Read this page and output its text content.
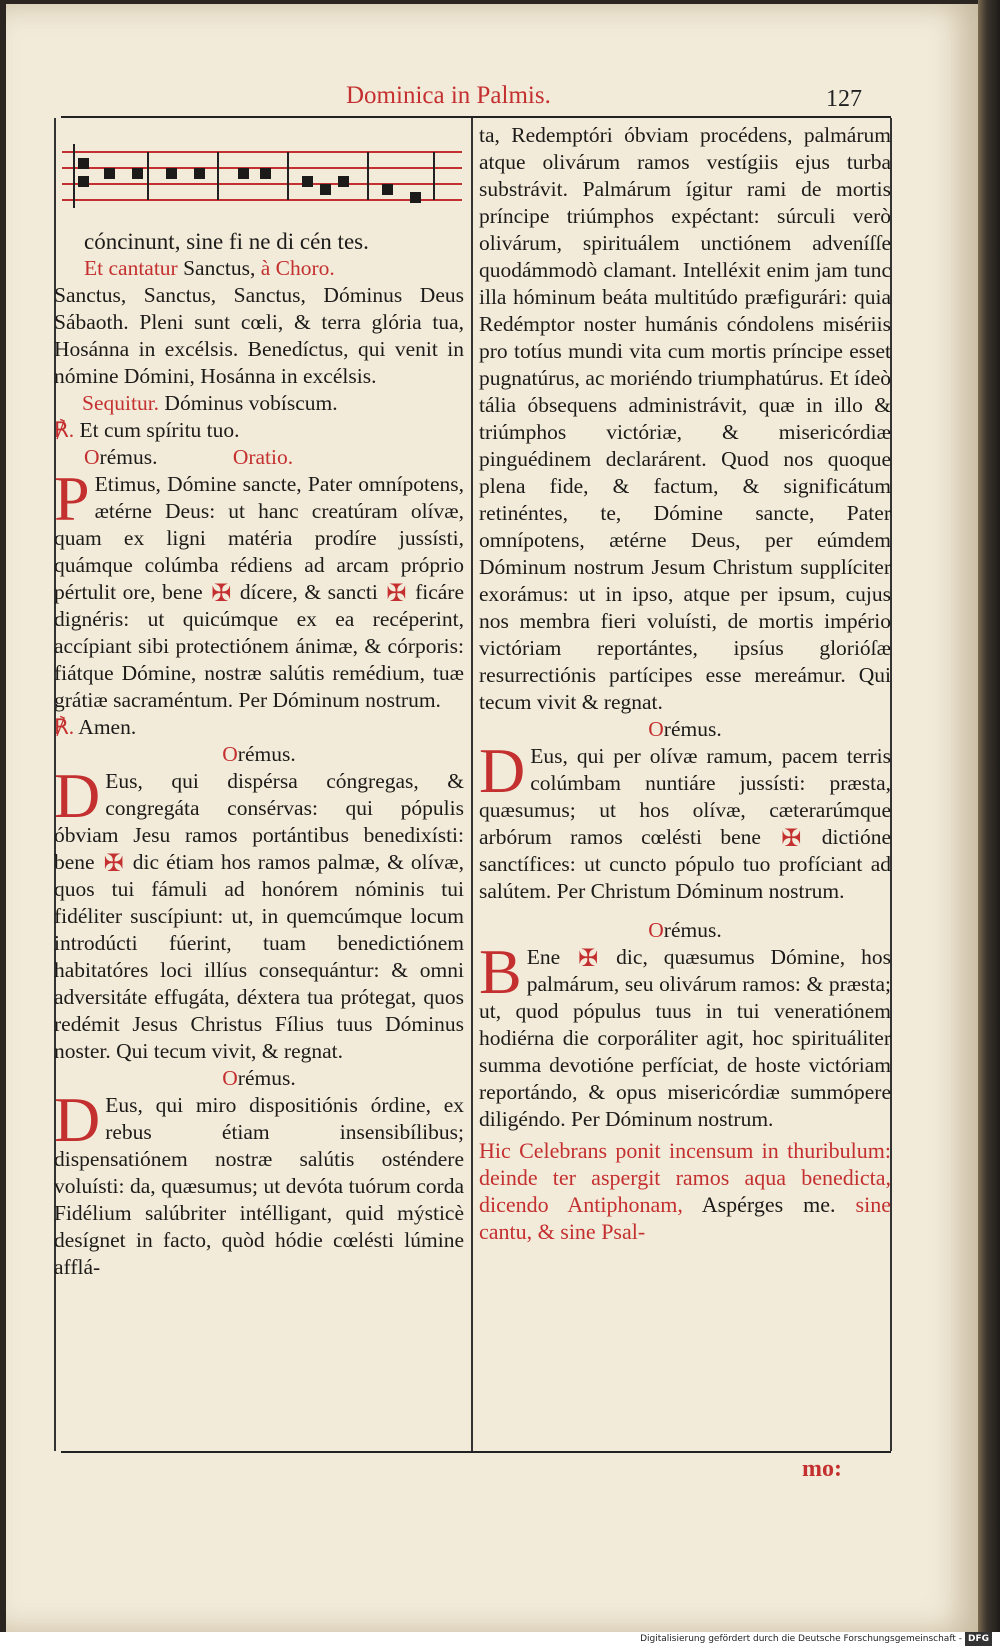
Dominica in Palmis.	127

cóncinunt, sine fi ne di cén tes.

Et cantatur Sanctus, à Choro.

Sanctus, Sanctus, Sanctus, Dóminus Deus Sábaoth. Pleni sunt cœli, & terra glória tua, Hosánna in excélsis. Benedíctus, qui venit in nómine Dómini, Hosánna in excélsis.

Sequitur. Dóminus vobíscum.

℟. Et cum spíritu tuo.

Orémus.	Oratio.

P Etimus, Dómine sancte, Pater omnípotens, ætérne Deus: ut hanc creatúram olívæ, quam ex ligni matéria prodíre jussísti, quámque colúmba rédiens ad arcam próprio pértulit ore, bene ✠ dícere, & sancti ✠ ficáre dignéris: ut quicúmque ex ea recéperint, accípiant sibi protectiónem ánimæ, & córporis: fiátque Dómine, nostræ salútis remédium, tuæ grátiæ sacraméntum. Per Dóminum nostrum.

℟. Amen.

Orémus.

D Eus, qui dispérsa cóngregas, & congregáta consérvas: qui pópulis óbviam Jesu ramos portántibus benedixísti: bene ✠ dic étiam hos ramos palmæ, & olívæ, quos tui fámuli ad honórem nóminis tui fidéliter suscípiunt: ut, in quemcúmque locum introdúcti fúerint, tuam benedictiónem habitatóres loci illíus consequántur: & omni adversitáte effugáta, déxtera tua prótegat, quos redémit Jesus Christus Fílius tuus Dóminus noster. Qui tecum vivit, & regnat.

Orémus.

D Eus, qui miro dispositiónis órdine, ex rebus étiam insensibílibus; dispensatiónem nostræ salútis osténdere voluísti: da, quæsumus; ut devóta tuórum corda Fidélium salúbriter intélligant, quid mýsticè desígnet in facto, quòd hódie cœlésti lúmine afflá-

ta, Redemptóri óbviam procédens, palmárum atque olivárum ramos vestígiis ejus turba substrávit. Palmárum ígitur rami de mortis príncipe triúmphos expéctant: súrculi verò olivárum, spirituálem unctiónem adveníſſe quodámmodò clamant. Intelléxit enim jam tunc illa hóminum beáta multitúdo præfigurári: quia Redémptor noster humánis cóndolens misériis pro totíus mundi vita cum mortis príncipe esset pugnatúrus, ac moriéndo triumphatúrus. Et ídeò tália óbsequens administrávit, quæ in illo & triúmphos victóriæ, & misericórdiæ pinguédinem declarárent. Quod nos quoque plena fide, & factum, & significátum retinéntes, te, Dómine sancte, Pater omnípotens, ætérne Deus, per eúmdem Dóminum nostrum Jesum Christum supplíciter exorámus: ut in ipso, atque per ipsum, cujus nos membra fieri voluísti, de mortis império victóriam reportántes, ipsíus glorióſæ resurrectiónis partícipes esse mereámur. Qui tecum vivit & regnat.

Orémus.

D Eus, qui per olívæ ramum, pacem terris colúmbam nuntiáre jussísti: præsta, quæsumus; ut hos olívæ, cæterarúmque arbórum ramos cœlésti bene ✠ dictióne sanctífices: ut cuncto pópulo tuo profíciant ad salútem. Per Christum Dóminum nostrum.

Orémus.

B Ene ✠ dic, quæsumus Dómine, hos palmárum, seu olivárum ramos: & præsta; ut, quod pópulus tuus in tui veneratiónem hodiérna die corporáliter agit, hoc spirituáliter summa devotióne perfíciat, de hoste victóriam reportándo, & opus misericórdiæ summópere diligéndo. Per Dóminum nostrum.

Hic Celebrans ponit incensum in thuribulum: deinde ter aspergit ramos aqua benedicta, dicendo Antiphonam, Aspérges me. sine cantu, & sine Psal-

mo:
Digitalisierung gefördert durch die Deutsche Forschungsgemeinschaft - DFG
